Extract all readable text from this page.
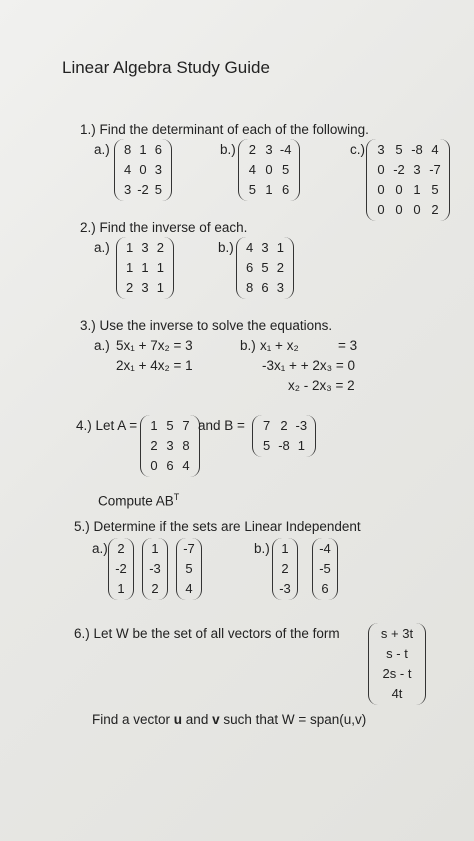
Linear Algebra Study Guide
1.) Find the determinant of each of the following.
a.) 8 1 6
4 0 3
3 -2 5
b.) 2 3 -4
4 0 5
5 1 6
c.) 3 5 -8 4
0 -2 3 -7
0 0 1 5
0 0 0 2
2.) Find the inverse of each.
a.) 1 3 2
1 1 1
2 3 1
b.) 4 3 1
6 5 2
8 6 3
3.) Use the inverse to solve the equations.
a.) 5x₁ + 7x₂ = 3
2x₁ + 4x₂ = 1
b.) x₁ + x₂	= 3
-3x₁ + + 2x₃ = 0
x₂ - 2x₃ = 2
4.) Let A = 1 5 7
2 3 8
0 6 4
and B = 7 2 -3
5 -8 1
Compute $AB^T$
5.) Determine if the sets are Linear Independent
a.) 2
-2
1
1
-3
2
-7
5
4
b.) 1
2
-3
-4
-5
6
6.) Let W be the set of all vectors of the form	s + 3t
s - t
2s - t
4t
Find a vector u and v such that W = span(u,v)
